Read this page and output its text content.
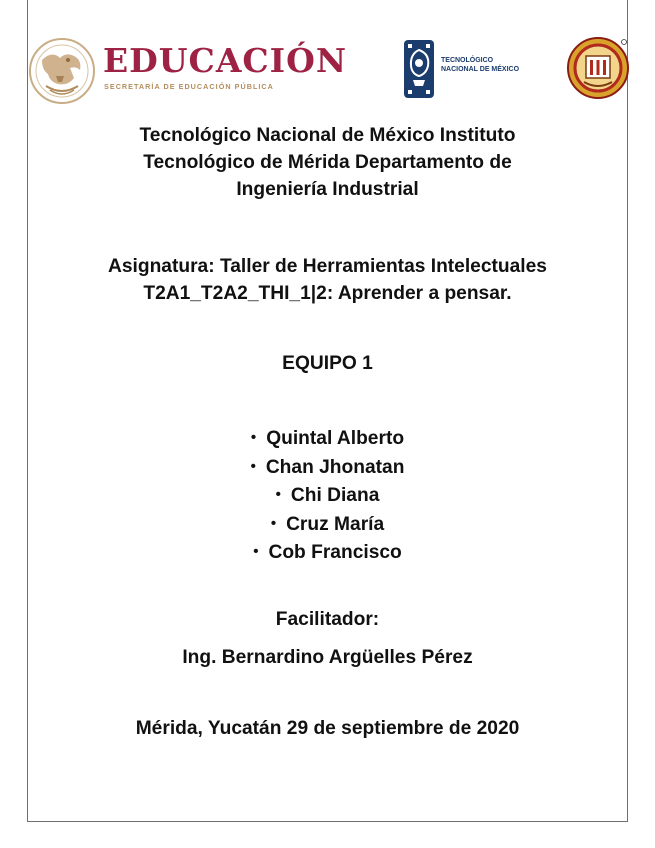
EDUCACIÓN
SECRETARÍA DE EDUCACIÓN PÚBLICA
TECNOLÓGICO
NACIONAL DE MÉXICO
Tecnológico Nacional de México Instituto
Tecnológico de Mérida Departamento de
Ingeniería Industrial
Asignatura: Taller de Herramientas Intelectuales
T2A1_T2A2_THI_1|2: Aprender a pensar.
EQUIPO 1
• Quintal Alberto
• Chan Jhonatan
• Chi Diana
• Cruz María
• Cob Francisco
Facilitador:
Ing. Bernardino Argüelles Pérez
Mérida, Yucatán 29 de septiembre de 2020
